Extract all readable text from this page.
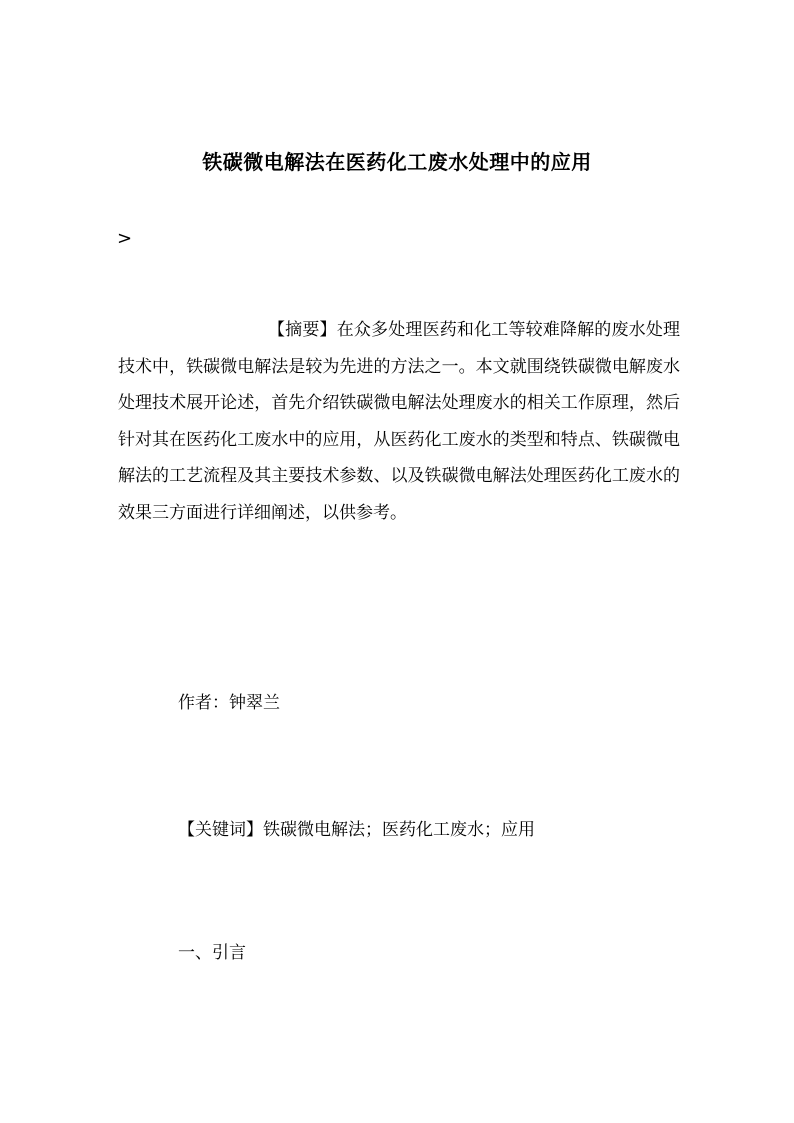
铁碳微电解法在医药化工废水处理中的应用
>
【摘要】在众多处理医药和化工等较难降解的废水处理技术中，铁碳微电解法是较为先进的方法之一。本文就围绕铁碳微电解废水处理技术展开论述，首先介绍铁碳微电解法处理废水的相关工作原理，然后针对其在医药化工废水中的应用，从医药化工废水的类型和特点、铁碳微电解法的工艺流程及其主要技术参数、以及铁碳微电解法处理医药化工废水的效果三方面进行详细阐述，以供参考。
作者：钟翠兰
【关键词】铁碳微电解法；医药化工废水；应用
一、引言
